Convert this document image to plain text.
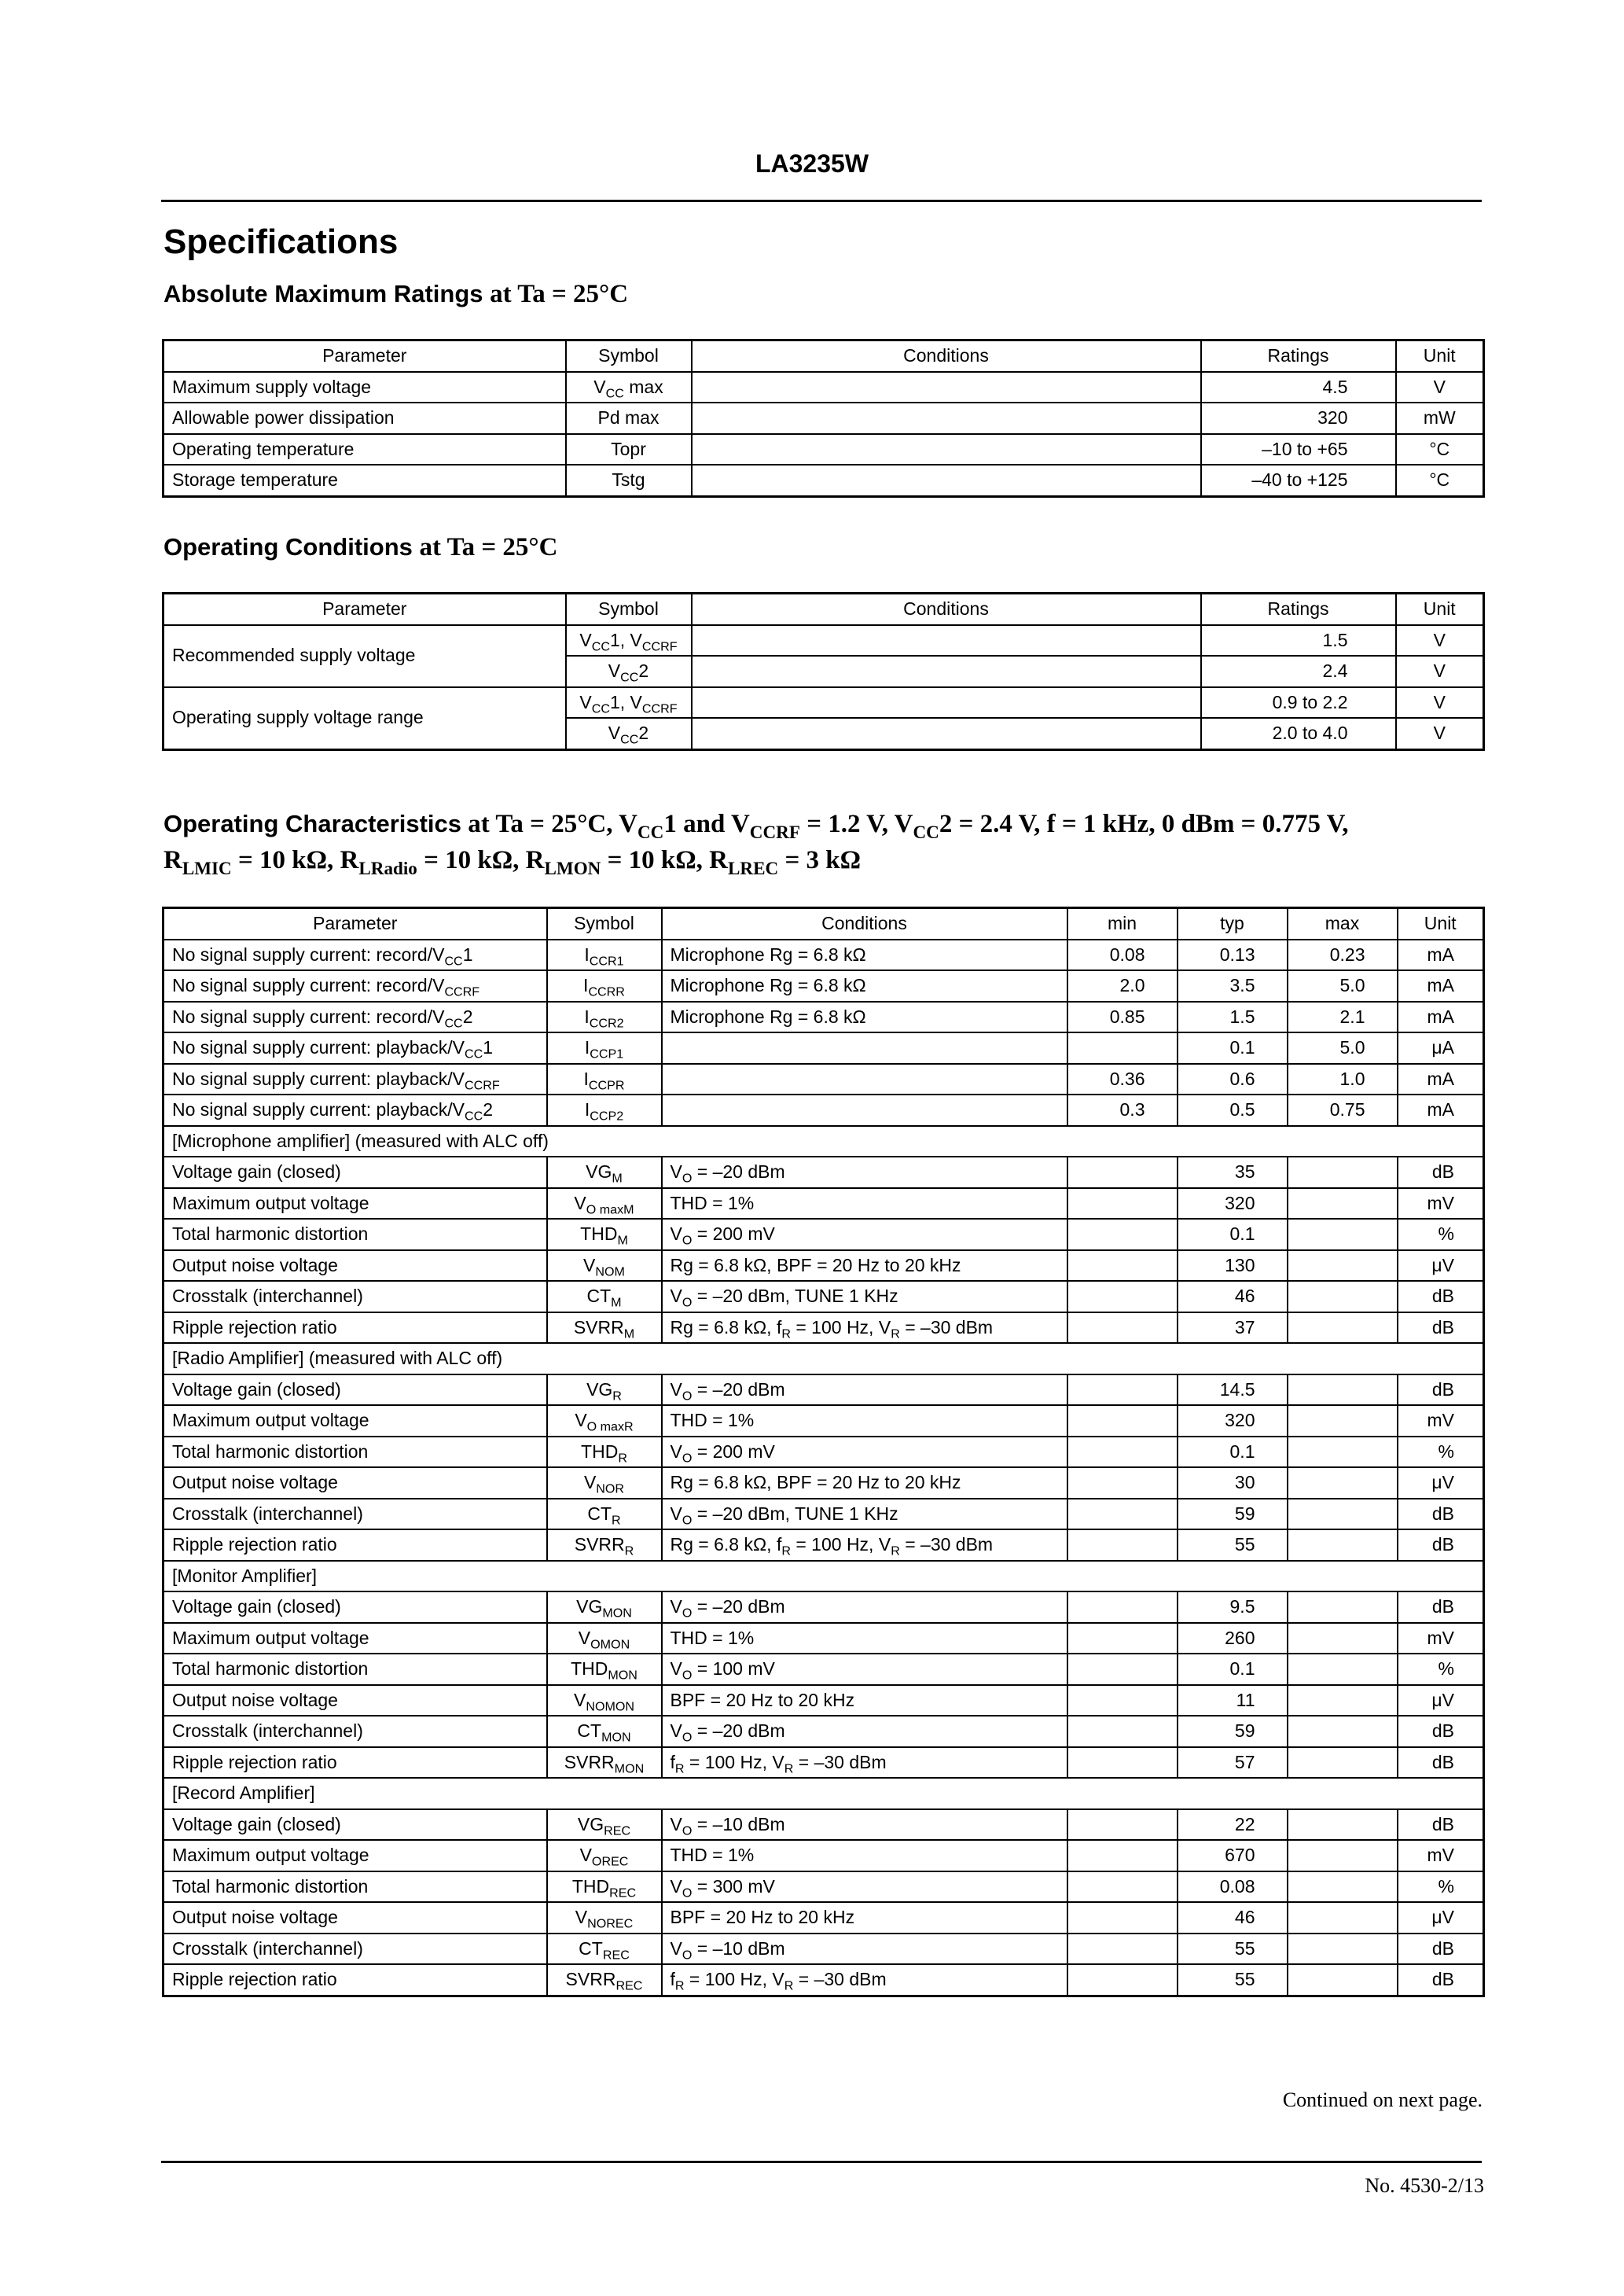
LA3235W
Specifications
Absolute Maximum Ratings at Ta = 25°C
Parameter	Symbol	Conditions	Ratings	Unit
Maximum supply voltage	$V_{CC}$ max		4.5	V
Allowable power dissipation	Pd max		320	mW
Operating temperature	Topr		–10 to +65	°C
Storage temperature	Tstg		–40 to +125	°C
Operating Conditions at Ta = 25°C
Parameter	Symbol	Conditions	Ratings	Unit
Recommended supply voltage	$V_{CC}1$, $V_{CCRF}$		1.5	V
	$V_{CC}2$		2.4	V
Operating supply voltage range	$V_{CC}1$, $V_{CCRF}$		0.9 to 2.2	V
	$V_{CC}2$		2.0 to 4.0	V
Operating Characteristics at Ta = 25°C, $V_{CC}1$ and $V_{CCRF} = 1.2$ V, $V_{CC}2 = 2.4$ V, f = 1 kHz, 0 dBm = 0.775 V,
$R_{LMIC} = 10$ kΩ, $R_{LRadio} = 10$ kΩ, $R_{LMON} = 10$ kΩ, $R_{LREC} = 3$ kΩ
Parameter	Symbol	Conditions	min	typ	max	Unit
No signal supply current: record/$V_{CC}1$	$I_{CCR1}$	Microphone Rg = 6.8 kΩ	0.08	0.13	0.23	mA
No signal supply current: record/$V_{CCRF}$	$I_{CCRR}$	Microphone Rg = 6.8 kΩ	2.0	3.5	5.0	mA
No signal supply current: record/$V_{CC}2$	$I_{CCR2}$	Microphone Rg = 6.8 kΩ	0.85	1.5	2.1	mA
No signal supply current: playback/$V_{CC}1$	$I_{CCP1}$			0.1	5.0	μA
No signal supply current: playback/$V_{CCRF}$	$I_{CCPR}$		0.36	0.6	1.0	mA
No signal supply current: playback/$V_{CC}2$	$I_{CCP2}$		0.3	0.5	0.75	mA
[Microphone amplifier] (measured with ALC off)						
Voltage gain (closed)	$VG_M$	$V_O = -20$ dBm		35		dB
Maximum output voltage	$V_{O maxM}$	THD = 1%		320		mV
Total harmonic distortion	$THD_M$	$V_O = 200$ mV		0.1		%
Output noise voltage	$V_{NOM}$	Rg = 6.8 kΩ, BPF = 20 Hz to 20 kHz		130		μV
Crosstalk (interchannel)	$CT_M$	$V_O = -20$ dBm, TUNE 1 KHz		46		dB
Ripple rejection ratio	$SVRR_M$	Rg = 6.8 kΩ, $f_R = 100$ Hz, $V_R = -30$ dBm		37		dB
[Radio Amplifier] (measured with ALC off)						
Voltage gain (closed)	$VG_R$	$V_O = -20$ dBm		14.5		dB
Maximum output voltage	$V_{O maxR}$	THD = 1%		320		mV
Total harmonic distortion	$THD_R$	$V_O = 200$ mV		0.1		%
Output noise voltage	$V_{NOR}$	Rg = 6.8 kΩ, BPF = 20 Hz to 20 kHz		30		μV
Crosstalk (interchannel)	$CT_R$	$V_O = -20$ dBm, TUNE 1 KHz		59		dB
Ripple rejection ratio	$SVRR_R$	Rg = 6.8 kΩ, $f_R = 100$ Hz, $V_R = -30$ dBm		55		dB
[Monitor Amplifier]						
Voltage gain (closed)	$VG_{MON}$	$V_O = -20$ dBm		9.5		dB
Maximum output voltage	$V_{OMON}$	THD = 1%		260		mV
Total harmonic distortion	$THD_{MON}$	$V_O = 100$ mV		0.1		%
Output noise voltage	$V_{NOMON}$	BPF = 20 Hz to 20 kHz		11		μV
Crosstalk (interchannel)	$CT_{MON}$	$V_O = -20$ dBm		59		dB
Ripple rejection ratio	$SVRR_{MON}$	$f_R = 100$ Hz, $V_R = -30$ dBm		57		dB
[Record Amplifier]						
Voltage gain (closed)	$VG_{REC}$	$V_O = -10$ dBm		22		dB
Maximum output voltage	$V_{OREC}$	THD = 1%		670		mV
Total harmonic distortion	$THD_{REC}$	$V_O = 300$ mV		0.08		%
Output noise voltage	$V_{NOREC}$	BPF = 20 Hz to 20 kHz		46		μV
Crosstalk (interchannel)	$CT_{REC}$	$V_O = -10$ dBm		55		dB
Ripple rejection ratio	$SVRR_{REC}$	$f_R = 100$ Hz, $V_R = -30$ dBm		55		dB
Continued on next page.
No. 4530-2/13
